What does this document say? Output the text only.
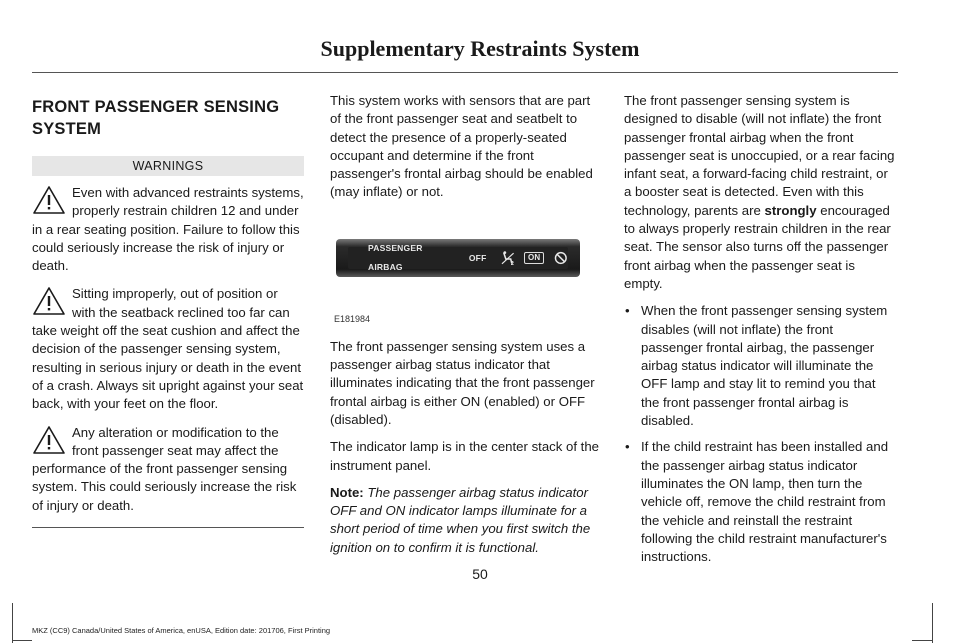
Supplementary Restraints System
FRONT PASSENGER SENSING
SYSTEM
WARNINGS

Even with advanced restraints systems, properly restrain children 12 and under in a rear seating position. Failure to follow this could seriously increase the risk of injury or death.

Sitting improperly, out of position or with the seatback reclined too far can take weight off the seat cushion and affect the decision of the passenger sensing system, resulting in serious injury or death in the event of a crash. Always sit upright against your seat back, with your feet on the floor.

Any alteration or modification to the front passenger seat may affect the performance of the front passenger sensing system. This could seriously increase the risk of injury or death.

This system works with sensors that are part of the front passenger seat and seatbelt to detect the presence of a properly-seated occupant and determine if the front passenger's frontal airbag should be enabled (may inflate) or not.

PASSENGER AIRBAG
OFF
2
ON
E181984

The front passenger sensing system uses a passenger airbag status indicator that illuminates indicating that the front passenger frontal airbag is either ON (enabled) or OFF (disabled).

The indicator lamp is in the center stack of the instrument panel.

Note: The passenger airbag status indicator OFF and ON indicator lamps illuminate for a short period of time when you first switch the ignition on to confirm it is functional.

The front passenger sensing system is designed to disable (will not inflate) the front passenger frontal airbag when the front passenger seat is unoccupied, or a rear facing infant seat, a forward-facing child restraint, or a booster seat is detected. Even with this technology, parents are strongly encouraged to always properly restrain children in the rear seat. The sensor also turns off the passenger front airbag when the passenger seat is empty.

• When the front passenger sensing system disables (will not inflate) the front passenger frontal airbag, the passenger airbag status indicator will illuminate the OFF lamp and stay lit to remind you that the front passenger frontal airbag is disabled.
• If the child restraint has been installed and the passenger airbag status indicator illuminates the ON lamp, then turn the vehicle off, remove the child restraint from the vehicle and reinstall the restraint following the child restraint manufacturer's instructions.
50
MKZ (CC9) Canada/United States of America, enUSA, Edition date: 201706, First Printing
